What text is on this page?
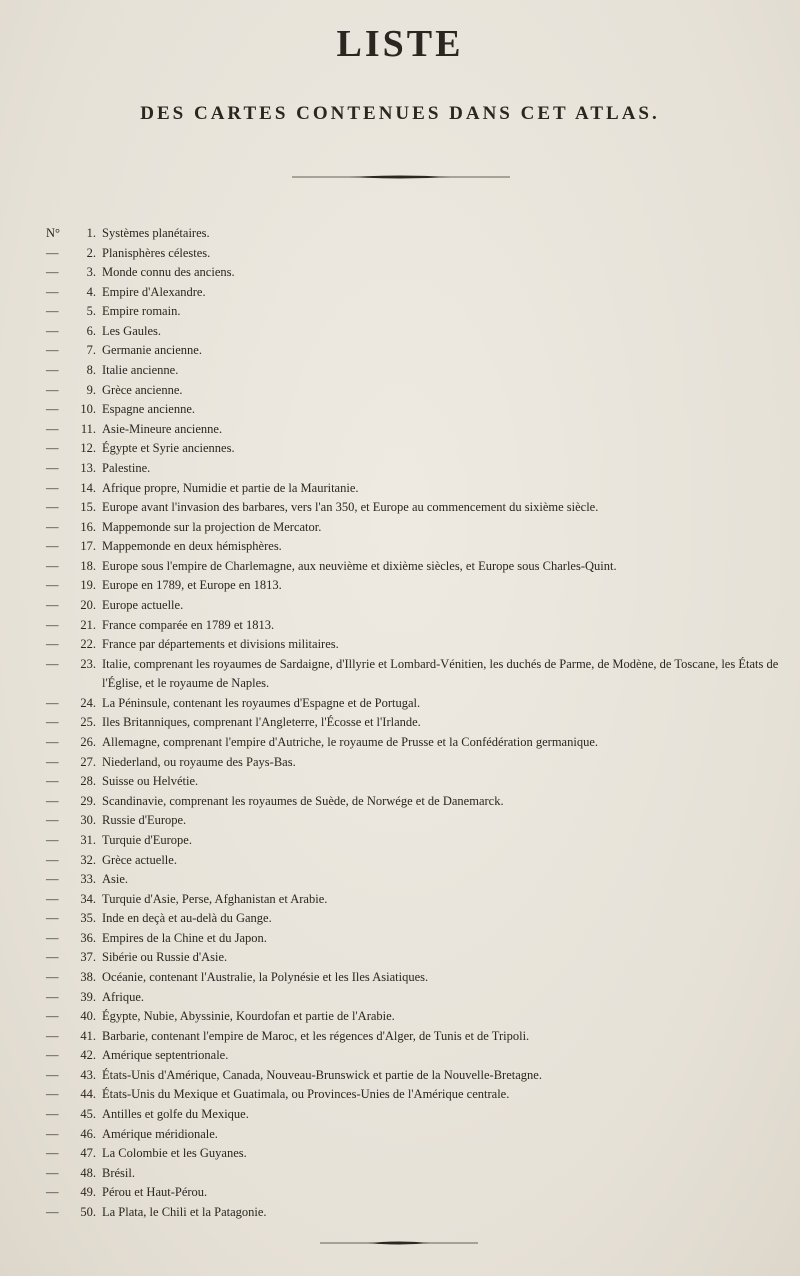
LISTE
DES CARTES CONTENUES DANS CET ATLAS.
N°	1. Systèmes planétaires.
—	2. Planisphères célestes.
—	3. Monde connu des anciens.
—	4. Empire d'Alexandre.
—	5. Empire romain.
—	6. Les Gaules.
—	7. Germanie ancienne.
—	8. Italie ancienne.
—	9. Grèce ancienne.
—	10. Espagne ancienne.
—	11. Asie-Mineure ancienne.
—	12. Égypte et Syrie anciennes.
—	13. Palestine.
—	14. Afrique propre, Numidie et partie de la Mauritanie.
—	15. Europe avant l'invasion des barbares, vers l'an 350, et Europe au commencement du sixième siècle.
—	16. Mappemonde sur la projection de Mercator.
—	17. Mappemonde en deux hémisphères.
—	18. Europe sous l'empire de Charlemagne, aux neuvième et dixième siècles, et Europe sous Charles-Quint.
—	19. Europe en 1789, et Europe en 1813.
—	20. Europe actuelle.
—	21. France comparée en 1789 et 1813.
—	22. France par départements et divisions militaires.
—	23. Italie, comprenant les royaumes de Sardaigne, d'Illyrie et Lombard-Vénitien, les duchés de Parme, de Modène, de Toscane, les États de l'Église, et le royaume de Naples.
—	24. La Péninsule, contenant les royaumes d'Espagne et de Portugal.
—	25. Iles Britanniques, comprenant l'Angleterre, l'Écosse et l'Irlande.
—	26. Allemagne, comprenant l'empire d'Autriche, le royaume de Prusse et la Confédération germanique.
—	27. Niederland, ou royaume des Pays-Bas.
—	28. Suisse ou Helvétie.
—	29. Scandinavie, comprenant les royaumes de Suède, de Norwége et de Danemarck.
—	30. Russie d'Europe.
—	31. Turquie d'Europe.
—	32. Grèce actuelle.
—	33. Asie.
—	34. Turquie d'Asie, Perse, Afghanistan et Arabie.
—	35. Inde en deçà et au-delà du Gange.
—	36. Empires de la Chine et du Japon.
—	37. Sibérie ou Russie d'Asie.
—	38. Océanie, contenant l'Australie, la Polynésie et les Iles Asiatiques.
—	39. Afrique.
—	40. Égypte, Nubie, Abyssinie, Kourdofan et partie de l'Arabie.
—	41. Barbarie, contenant l'empire de Maroc, et les régences d'Alger, de Tunis et de Tripoli.
—	42. Amérique septentrionale.
—	43. États-Unis d'Amérique, Canada, Nouveau-Brunswick et partie de la Nouvelle-Bretagne.
—	44. États-Unis du Mexique et Guatimala, ou Provinces-Unies de l'Amérique centrale.
—	45. Antilles et golfe du Mexique.
—	46. Amérique méridionale.
—	47. La Colombie et les Guyanes.
—	48. Brésil.
—	49. Pérou et Haut-Pérou.
—	50. La Plata, le Chili et la Patagonie.
